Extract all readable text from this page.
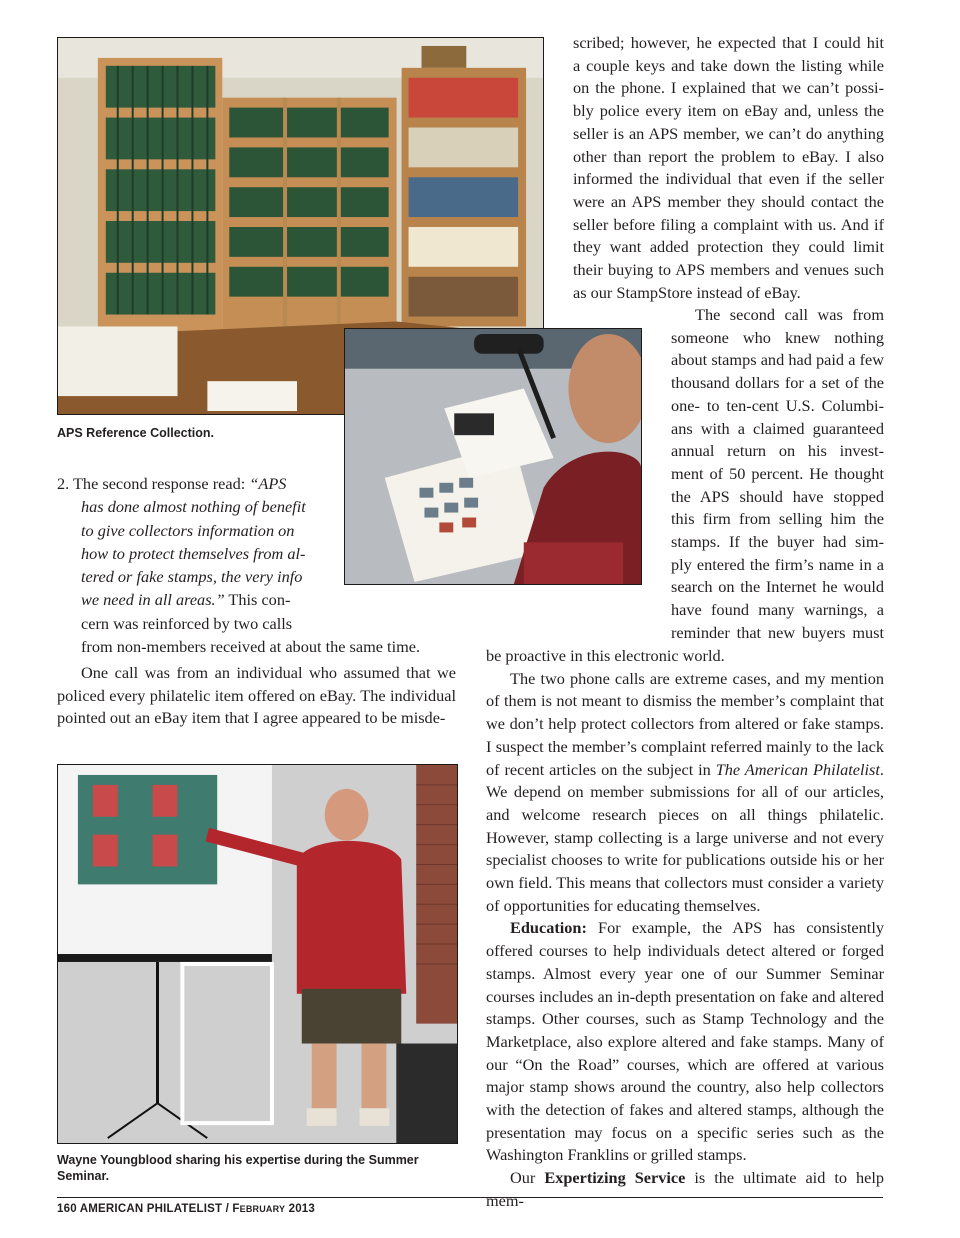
APS Reference Collection.
Wayne Youngblood sharing his expertise during the Summer Seminar.
scribed; however, he expected that I could hit
a couple keys and take down the listing while
on the phone. I explained that we can’t possi-
bly police every item on eBay and, unless the
seller is an APS member, we can’t do anything
other than report the problem to eBay. I also
informed the individual that even if the seller
were an APS member they should contact the
seller before filing a complaint with us. And if
they want added protection they could limit
their buying to APS members and venues such
as our StampStore instead of eBay.
The second call was from
someone who knew nothing
about stamps and had paid a few
thousand dollars for a set of the
one- to ten-cent U.S. Columbi-
ans with a claimed guaranteed
annual return on his invest-
ment of 50 percent. He thought
the APS should have stopped
this firm from selling him the
stamps. If the buyer had sim-
ply entered the firm’s name in a
search on the Internet he would
have found many warnings, a
reminder that new buyers must

be proactive in this electronic world.

The two phone calls are extreme cases, and my mention of them is not meant to dismiss the member’s complaint that we don’t help protect collectors from altered or fake stamps. I suspect the member’s complaint referred mainly to the lack of recent articles on the subject in The American Philatelist. We depend on member submissions for all of our articles, and welcome research pieces on all things philatelic. However, stamp collecting is a large universe and not every specialist chooses to write for publications outside his or her own field. This means that collectors must consider a variety of opportunities for educating themselves.

Education: For example, the APS has consistently offered courses to help individuals detect altered or forged stamps. Almost every year one of our Summer Seminar courses includes an in-depth presentation on fake and altered stamps. Other courses, such as Stamp Technology and the Marketplace, also explore altered and fake stamps. Many of our “On the Road” courses, which are offered at various major stamp shows around the country, also help collectors with the detection of fakes and altered stamps, although the presentation may focus on a specific series such as the Washington Franklins or grilled stamps.

Our Expertizing Service is the ultimate aid to help mem-

2. The second response read: “APS
has done almost nothing of benefit
to give collectors information on
how to protect themselves from al-
tered or fake stamps, the very info
we need in all areas.” This con-
cern was reinforced by two calls
from non-members received at about the same time.

One call was from an individual who assumed that we policed every philatelic item offered on eBay. The individual pointed out an eBay item that I agree appeared to be misde-

160 AMERICAN PHILATELIST / FEBRUARY 2013
